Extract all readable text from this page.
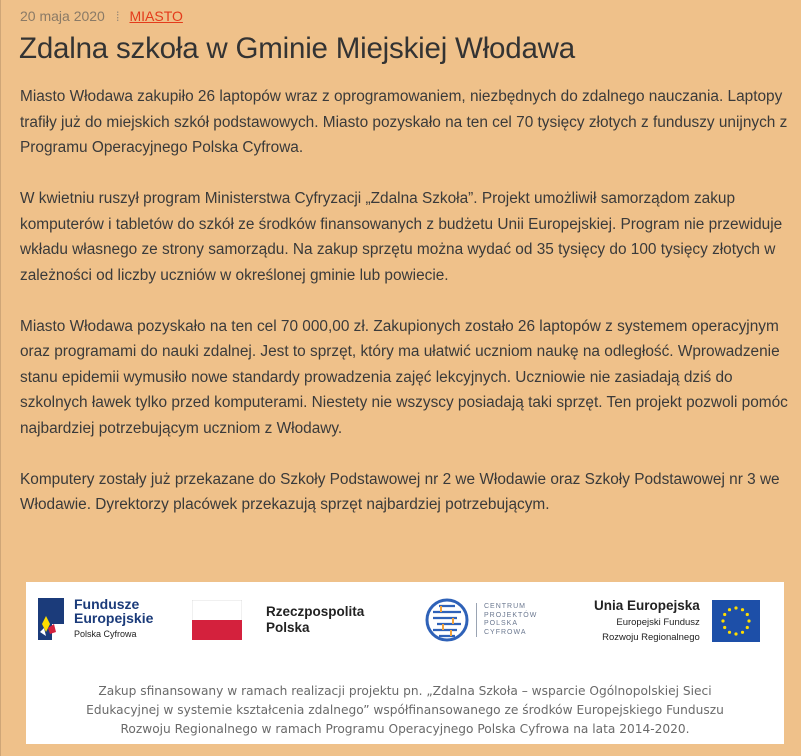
20 maja 2020 ⁞ MIASTO
Zdalna szkoła w Gminie Miejskiej Włodawa

Miasto Włodawa zakupiło 26 laptopów wraz z oprogramowaniem, niezbędnych do zdalnego nauczania. Laptopy trafiły już do miejskich szkół podstawowych. Miasto pozyskało na ten cel 70 tysięcy złotych z funduszy unijnych z Programu Operacyjnego Polska Cyfrowa.

W kwietniu ruszył program Ministerstwa Cyfryzacji „Zdalna Szkoła”. Projekt umożliwił samorządom zakup komputerów i tabletów do szkół ze środków finansowanych z budżetu Unii Europejskiej. Program nie przewiduje wkładu własnego ze strony samorządu. Na zakup sprzętu można wydać od 35 tysięcy do 100 tysięcy złotych w zależności od liczby uczniów w określonej gminie lub powiecie.

Miasto Włodawa pozyskało na ten cel 70 000,00 zł. Zakupionych zostało 26 laptopów z systemem operacyjnym oraz programami do nauki zdalnej. Jest to sprzęt, który ma ułatwić uczniom naukę na odległość. Wprowadzenie stanu epidemii wymusiło nowe standardy prowadzenia zajęć lekcyjnych. Uczniowie nie zasiadają dziś do szkolnych ławek tylko przed komputerami. Niestety nie wszyscy posiadają taki sprzęt. Ten projekt pozwoli pomóc najbardziej potrzebującym uczniom z Włodawy.

Komputery zostały już przekazane do Szkoły Podstawowej nr 2 we Włodawie oraz Szkoły Podstawowej nr 3 we Włodawie. Dyrektorzy placówek przekazują sprzęt najbardziej potrzebującym.

Fundusze
Europejskie
Polska Cyfrowa
Rzeczpospolita
Polska
CENTRUM
PROJEKTÓW
POLSKA
CYFROWA
Unia Europejska
Europejski Fundusz
Rozwoju Regionalnego
Zakup sfinansowany w ramach realizacji projektu pn. „Zdalna Szkoła – wsparcie Ogólnopolskiej Sieci
Edukacyjnej w systemie kształcenia zdalnego” współfinansowanego ze środków Europejskiego Funduszu
Rozwoju Regionalnego w ramach Programu Operacyjnego Polska Cyfrowa na lata 2014-2020.
